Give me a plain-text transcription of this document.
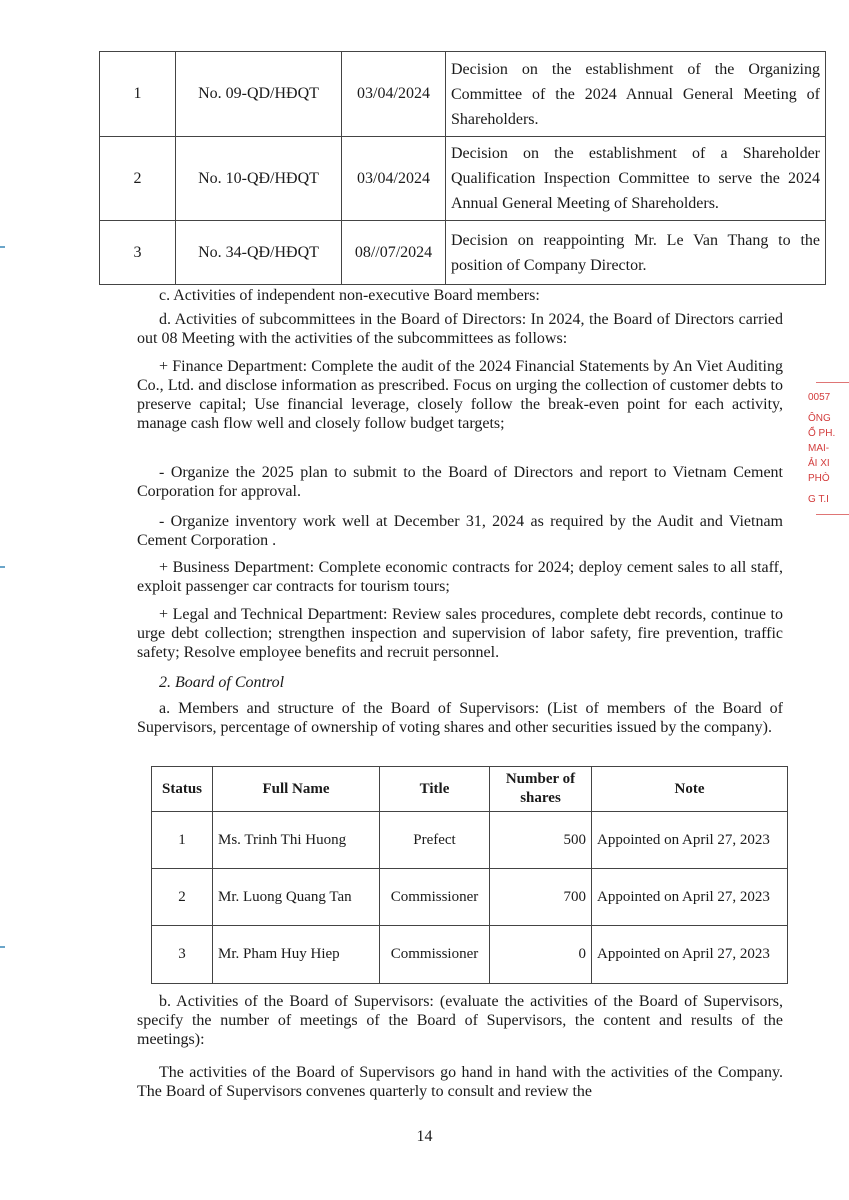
1	No. 09-QD/HĐQT	03/04/2024	Decision on the establishment of the Organizing Committee of the 2024 Annual General Meeting of Shareholders.
2	No. 10-QĐ/HĐQT	03/04/2024	Decision on the establishment of a Shareholder Qualification Inspection Committee to serve the 2024 Annual General Meeting of Shareholders.
3	No. 34-QĐ/HĐQT	08//07/2024	Decision on reappointing Mr. Le Van Thang to the position of Company Director.
c. Activities of independent non-executive Board members:
d. Activities of subcommittees in the Board of Directors: In 2024, the Board of Directors carried out 08 Meeting with the activities of the subcommittees as follows:
+ Finance Department: Complete the audit of the 2024 Financial Statements by An Viet Auditing Co., Ltd. and disclose information as prescribed. Focus on urging the collection of customer debts to preserve capital; Use financial leverage, closely follow the break-even point for each activity, manage cash flow well and closely follow budget targets;
- Organize the 2025 plan to submit to the Board of Directors and report to Vietnam Cement Corporation for approval.
- Organize inventory work well at December 31, 2024 as required by the Audit and Vietnam Cement Corporation .
+ Business Department: Complete economic contracts for 2024; deploy cement sales to all staff, exploit passenger car contracts for tourism tours;
+ Legal and Technical Department: Review sales procedures, complete debt records, continue to urge debt collection; strengthen inspection and supervision of labor safety, fire prevention, traffic safety; Resolve employee benefits and recruit personnel.
2. Board of Control
a. Members and structure of the Board of Supervisors: (List of members of the Board of Supervisors, percentage of ownership of voting shares and other securities issued by the company).
Status	Full Name	Title	Number of shares	Note
1	Ms. Trinh Thi Huong	Prefect	500	Appointed on April 27, 2023
2	Mr. Luong Quang Tan	Commissioner	700	Appointed on April 27, 2023
3	Mr. Pham Huy Hiep	Commissioner	0	Appointed on April 27, 2023
b. Activities of the Board of Supervisors: (evaluate the activities of the Board of Supervisors, specify the number of meetings of the Board of Supervisors, the content and results of the meetings):
The activities of the Board of Supervisors go hand in hand with the activities of the Company. The Board of Supervisors convenes quarterly to consult and review the
14
0057
ÔNG
Ổ PH.
MAI-
ẢI XI
PHÒ
G T.I
